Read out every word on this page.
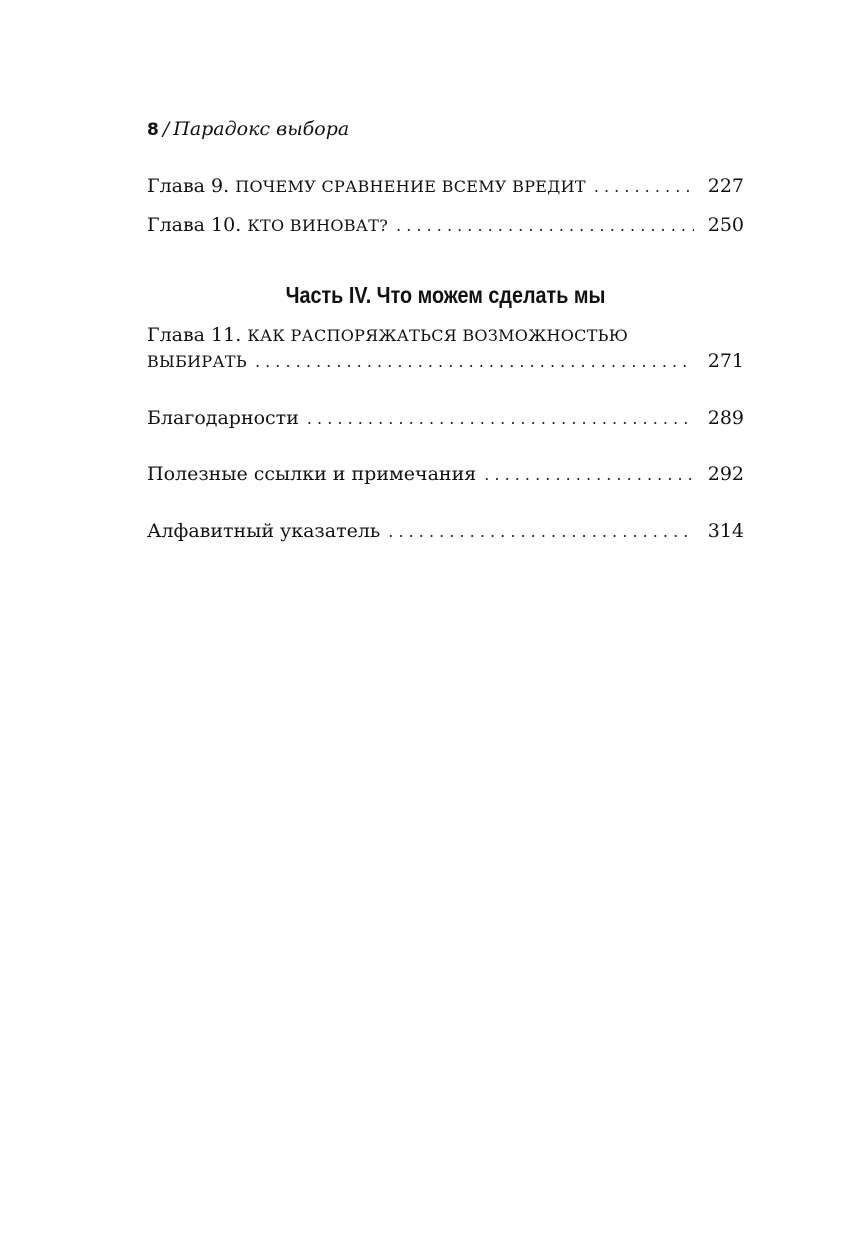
8 / Парадокс выбора
Глава 9. ПОЧЕМУ СРАВНЕНИЕ ВСЕМУ ВРЕДИТ . . .	227
Глава 10. КТО ВИНОВАТ? . . .	250
Часть IV. Что можем сделать мы
Глава 11. КАК РАСПОРЯЖАТЬСЯ ВОЗМОЖНОСТЬЮ
ВЫБИРАТЬ . . .	271
Благодарности . . .	289
Полезные ссылки и примечания . . .	292
Алфавитный указатель . . .	314
